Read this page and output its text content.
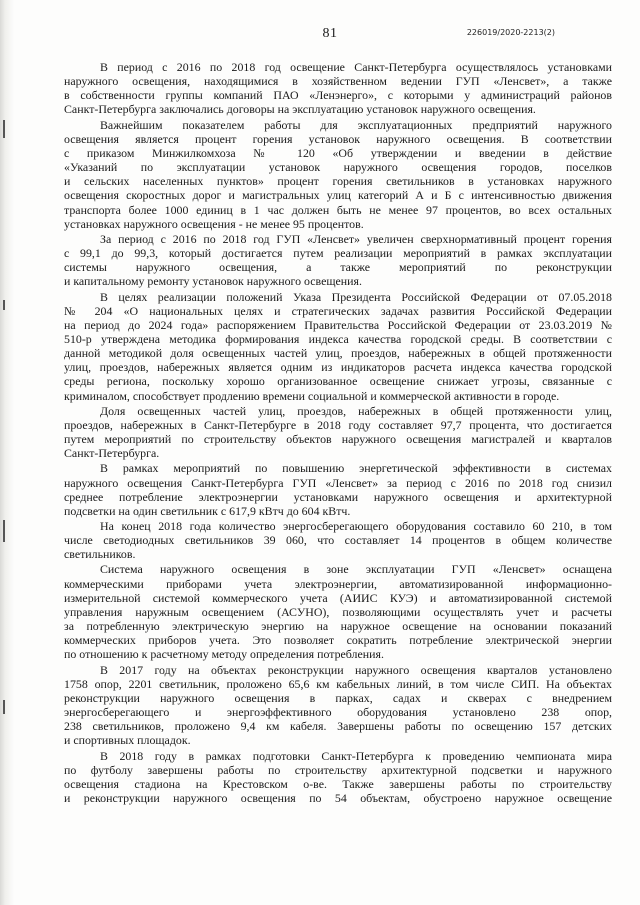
81	226019/2020-2213(2)
В период с 2016 по 2018 год освещение Санкт-Петербурга осуществлялось установками
наружного освещения, находящимися в хозяйственном ведении ГУП «Ленсвет», а также
в собственности группы компаний ПАО «Ленэнерго», с которыми у администраций районов
Санкт-Петербурга заключались договоры на эксплуатацию установок наружного освещения.
Важнейшим показателем работы для эксплуатационных предприятий наружного
освещения является процент горения установок наружного освещения. В соответствии
с приказом Минжилкомхоза № 120 «Об утверждении и введении в действие
«Указаний по эксплуатации установок наружного освещения городов, поселков
и сельских населенных пунктов» процент горения светильников в установках наружного
освещения скоростных дорог и магистральных улиц категорий А и Б с интенсивностью движения
транспорта более 1000 единиц в 1 час должен быть не менее 97 процентов, во всех остальных
установках наружного освещения - не менее 95 процентов.
За период с 2016 по 2018 год ГУП «Ленсвет» увеличен сверхнормативный процент горения
с 99,1 до 99,3, который достигается путем реализации мероприятий в рамках эксплуатации
системы наружного освещения, а также мероприятий по реконструкции
и капитальному ремонту установок наружного освещения.
В целях реализации положений Указа Президента Российской Федерации от 07.05.2018
№ 204 «О национальных целях и стратегических задачах развития Российской Федерации
на период до 2024 года» распоряжением Правительства Российской Федерации от 23.03.2019 №
510-р утверждена методика формирования индекса качества городской среды. В соответствии с
данной методикой доля освещенных частей улиц, проездов, набережных в общей протяженности
улиц, проездов, набережных является одним из индикаторов расчета индекса качества городской
среды региона, поскольку хорошо организованное освещение снижает угрозы, связанные с
криминалом, способствует продлению времени социальной и коммерческой активности в городе.
Доля освещенных частей улиц, проездов, набережных в общей протяженности улиц,
проездов, набережных в Санкт-Петербурге в 2018 году составляет 97,7 процента, что достигается
путем мероприятий по строительству объектов наружного освещения магистралей и кварталов
Санкт-Петербурга.
В рамках мероприятий по повышению энергетической эффективности в системах
наружного освещения Санкт-Петербурга ГУП «Ленсвет» за период с 2016 по 2018 год снизил
среднее потребление электроэнергии установками наружного освещения и архитектурной
подсветки на один светильник с 617,9 кВтч до 604 кВтч.
На конец 2018 года количество энергосберегающего оборудования составило 60 210, в том
числе светодиодных светильников 39 060, что составляет 14 процентов в общем количестве
светильников.
Система наружного освещения в зоне эксплуатации ГУП «Ленсвет» оснащена
коммерческими приборами учета электроэнергии, автоматизированной информационно-
измерительной системой коммерческого учета (АИИС КУЭ) и автоматизированной системой
управления наружным освещением (АСУНО), позволяющими осуществлять учет и расчеты
за потребленную электрическую энергию на наружное освещение на основании показаний
коммерческих приборов учета. Это позволяет сократить потребление электрической энергии
по отношению к расчетному методу определения потребления.
В 2017 году на объектах реконструкции наружного освещения кварталов установлено
1758 опор, 2201 светильник, проложено 65,6 км кабельных линий, в том числе СИП. На объектах
реконструкции наружного освещения в парках, садах и скверах с внедрением
энергосберегающего и энергоэффективного оборудования установлено 238 опор,
238 светильников, проложено 9,4 км кабеля. Завершены работы по освещению 157 детских
и спортивных площадок.
В 2018 году в рамках подготовки Санкт-Петербурга к проведению чемпионата мира
по футболу завершены работы по строительству архитектурной подсветки и наружного
освещения стадиона на Крестовском о-ве. Также завершены работы по строительству
и реконструкции наружного освещения по 54 объектам, обустроено наружное освещение
